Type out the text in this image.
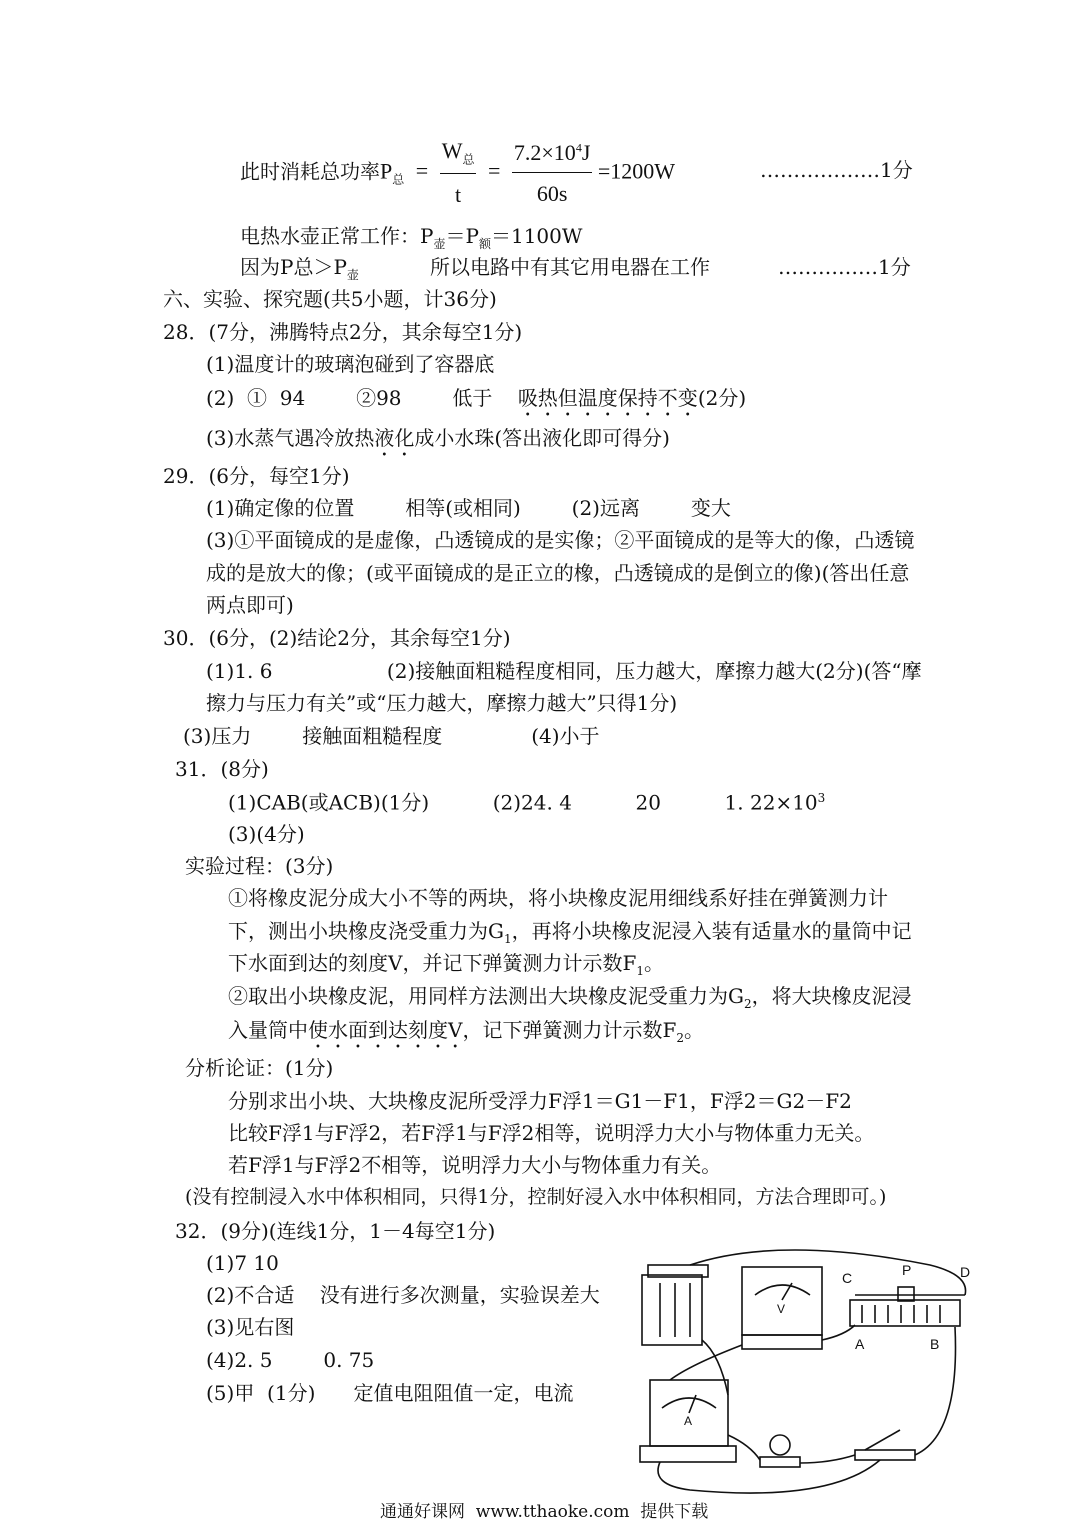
此时消耗总功率$P_总 = \frac{W_总}{t} = \frac{7.2\times 10^4J}{60s} =1200W$	………………1分
电热水壶正常工作：$P_壶=P_额=1100W$
因为P总$>P_壶$	所以电路中有其它用电器在工作	……………1分
六、实验、探究题(共5小题，计36分)
28．(7分，沸腾特点2分，其余每空1分)
(1)温度计的玻璃泡碰到了容器底
(2)  ①  94        ②98        低于    吸热但温度保持不变(2分)
(3)水蒸气遇冷放热液化成小水珠(答出液化即可得分)
29．(6分，每空1分)
(1)确定像的位置        相等(或相同)        (2)远离        变大
(3)①平面镜成的是虚像，凸透镜成的是实像；②平面镜成的是等大的像，凸透镜
成的是放大的像；(或平面镜成的是正立的橡，凸透镜成的是倒立的像)(答出任意
两点即可)
30．(6分，(2)结论2分，其余每空1分)
(1)1. 6                  (2)接触面粗糙程度相同，压力越大，摩擦力越大(2分)(答“摩
擦力与压力有关”或“压力越大，摩擦力越大”只得1分)
(3)压力        接触面粗糙程度              (4)小于
31．(8分)
(1)CAB(或ACB)(1分)          (2)24. 4          20          1. $22\times 10^3$
(3)(4分)
实验过程：(3分)
①将橡皮泥分成大小不等的两块，将小块橡皮泥用细线系好挂在弹簧测力计
下，测出小块橡皮浇受重力为$G_1$，再将小块橡皮泥浸入装有适量水的量筒中记
下水面到达的刻度V，并记下弹簧测力计示数$F_1$。
②取出小块橡皮泥，用同样方法测出大块橡皮泥受重力为$G_2$，将大块橡皮泥浸
入量筒中使水面到达刻度V，记下弹簧测力计示数$F_2$。
分析论证：(1分)
分别求出小块、大块橡皮泥所受浮力F浮1＝G1－F1，F浮2＝G2－F2
比较F浮1与F浮2，若F浮1与F浮2相等，说明浮力大小与物体重力无关。
若F浮1与F浮2不相等，说明浮力大小与物体重力有关。
(没有控制浸入水中体积相同，只得1分，控制好浸入水中体积相同，方法合理即可。)
32．(9分)(连线1分，1－4每空1分)
(1)7 10
(2)不合适    没有进行多次测量，实验误差大
(3)见右图
(4)2. 5        0. 75
(5)甲  (1分)      定值电阻阻值一定，电流
C	P	D
A	B
V
A
通通好课网  www.tthaoke.com  提供下载
